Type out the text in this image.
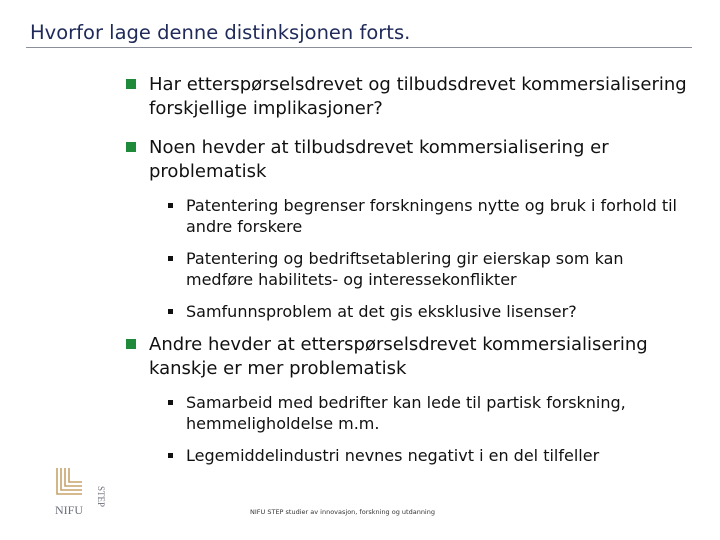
Hvorfor lage denne distinksjonen forts.
Har etterspørselsdrevet og tilbudsdrevet kommersialisering forskjellige implikasjoner?
Noen hevder at tilbudsdrevet kommersialisering er problematisk
Patentering begrenser forskningens nytte og bruk i forhold til andre forskere
Patentering og bedriftsetablering gir eierskap som kan medføre habilitets- og interessekonflikter
Samfunnsproblem at det gis eksklusive lisenser?
Andre hevder at etterspørselsdrevet kommersialisering kanskje er mer problematisk
Samarbeid med bedrifter kan lede til partisk forskning, hemmeligholdelse m.m.
Legemiddelindustri nevnes negativt i en del tilfeller
NIFU
STEP
NIFU STEP studier av innovasjon, forskning og utdanning
